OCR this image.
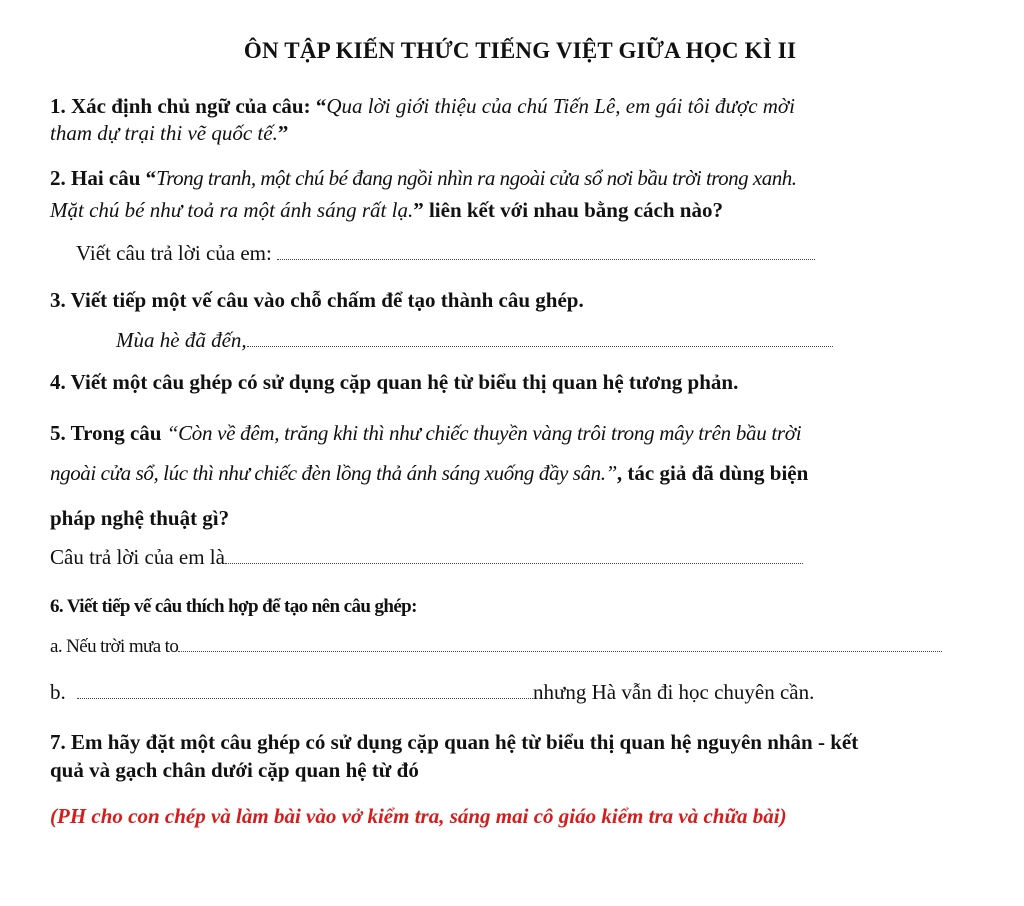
ÔN TẬP KIẾN THỨC TIẾNG VIỆT GIỮA HỌC KÌ II
1. Xác định chủ ngữ của câu: “Qua lời giới thiệu của chú Tiến Lê, em gái tôi được mời
tham dự trại thi vẽ quốc tế.”
2. Hai câu “Trong tranh, một chú bé đang ngồi nhìn ra ngoài cửa sổ nơi bầu trời trong xanh.
Mặt chú bé như toả ra một ánh sáng rất lạ.” liên kết với nhau bằng cách nào?
Viết câu trả lời của em:
3. Viết tiếp một vế câu vào chỗ chấm để tạo thành câu ghép.
Mùa hè đã đến,
4. Viết một câu ghép có sử dụng cặp quan hệ từ biểu thị quan hệ tương phản.
5. Trong câu “Còn về đêm, trăng khi thì như chiếc thuyền vàng trôi trong mây trên bầu trời
ngoài cửa sổ, lúc thì như chiếc đèn lồng thả ánh sáng xuống đầy sân.”, tác giả đã dùng biện
pháp nghệ thuật gì?
Câu trả lời của em là
6. Viết tiếp vế câu thích hợp để tạo nên câu ghép:
a. Nếu trời mưa to
b.	nhưng Hà vẫn đi học chuyên cần.
7. Em hãy đặt một câu ghép có sử dụng cặp quan hệ từ biểu thị quan hệ nguyên nhân - kết
quả và gạch chân dưới cặp quan hệ từ đó
(PH cho con chép và làm bài vào vở kiểm tra, sáng mai cô giáo kiểm tra và chữa bài)
